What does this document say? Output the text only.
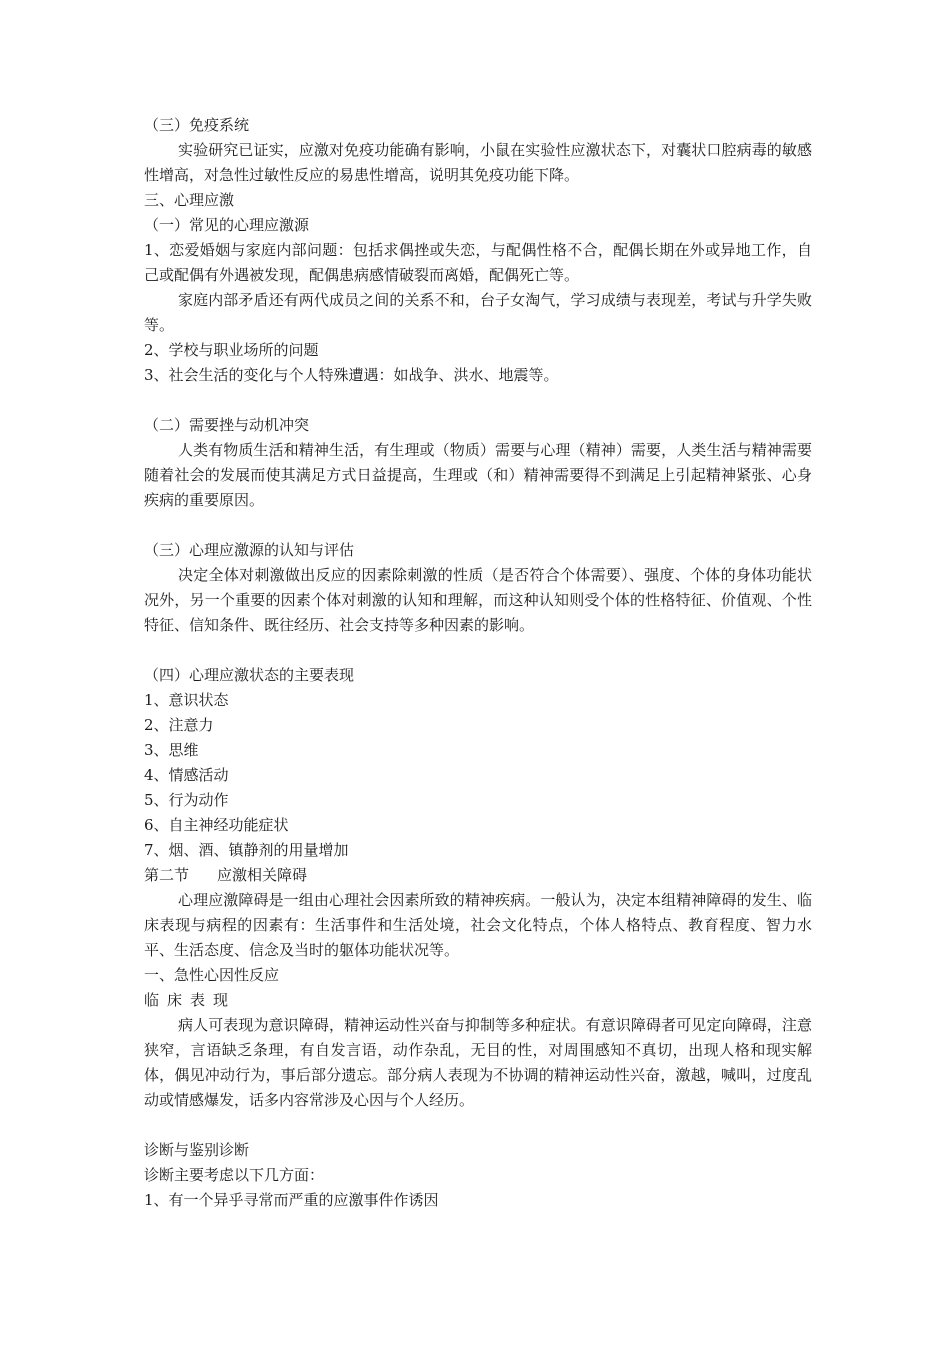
（三）免疫系统
实验研究已证实，应激对免疫功能确有影响，小鼠在实验性应激状态下，对囊状口腔病毒的敏感性增高，对急性过敏性反应的易患性增高，说明其免疫功能下降。
三、心理应激
（一）常见的心理应激源
1、恋爱婚姻与家庭内部问题：包括求偶挫或失恋，与配偶性格不合，配偶长期在外或异地工作，自己或配偶有外遇被发现，配偶患病感情破裂而离婚，配偶死亡等。
家庭内部矛盾还有两代成员之间的关系不和，台子女淘气，学习成绩与表现差，考试与升学失败等。
2、学校与职业场所的问题
3、社会生活的变化与个人特殊遭遇：如战争、洪水、地震等。
（二）需要挫与动机冲突
人类有物质生活和精神生活，有生理或（物质）需要与心理（精神）需要，人类生活与精神需要随着社会的发展而使其满足方式日益提高，生理或（和）精神需要得不到满足上引起精神紧张、心身疾病的重要原因。
（三）心理应激源的认知与评估
决定全体对刺激做出反应的因素除刺激的性质（是否符合个体需要）、强度、个体的身体功能状况外，另一个重要的因素个体对刺激的认知和理解，而这种认知则受个体的性格特征、价值观、个性特征、信知条件、既往经历、社会支持等多种因素的影响。
（四）心理应激状态的主要表现
1、意识状态
2、注意力
3、思维
4、情感活动
5、行为动作
6、自主神经功能症状
7、烟、酒、镇静剂的用量增加
第二节 应激相关障碍
心理应激障碍是一组由心理社会因素所致的精神疾病。一般认为，决定本组精神障碍的发生、临床表现与病程的因素有：生活事件和生活处境，社会文化特点，个体人格特点、教育程度、智力水平、生活态度、信念及当时的躯体功能状况等。
一、急性心因性反应
临床表现
病人可表现为意识障碍，精神运动性兴奋与抑制等多种症状。有意识障碍者可见定向障碍，注意狭窄，言语缺乏条理，有自发言语，动作杂乱，无目的性，对周围感知不真切，出现人格和现实解体，偶见冲动行为，事后部分遗忘。部分病人表现为不协调的精神运动性兴奋，激越，喊叫，过度乱动或情感爆发，话多内容常涉及心因与个人经历。
诊断与鉴别诊断
诊断主要考虑以下几方面：
1、有一个异乎寻常而严重的应激事件作诱因
